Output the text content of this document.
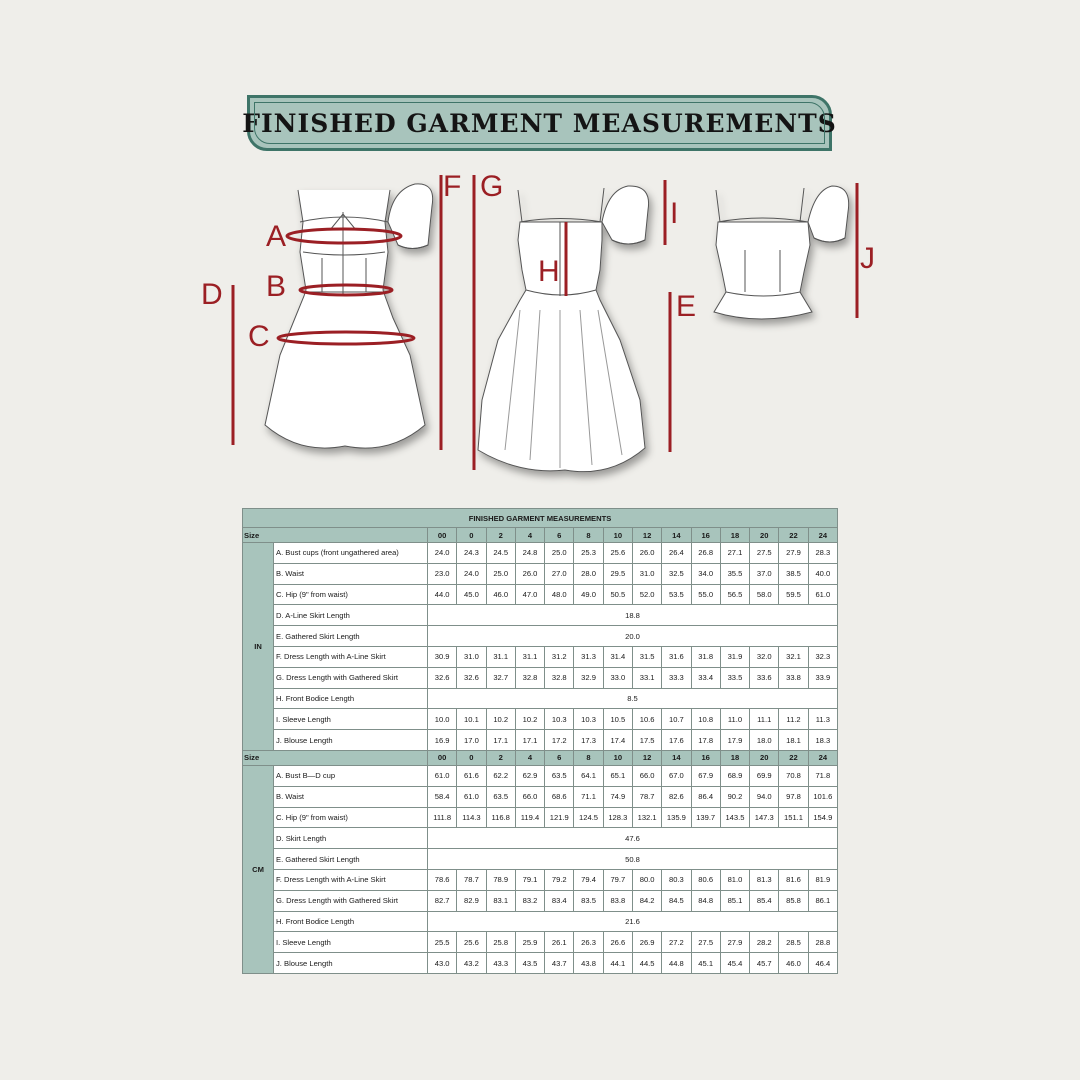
FINISHED GARMENT MEASUREMENTS
A
B
C
D	E
F G
H
I
J
FINISHED GARMENT MEASUREMENTS															
Size		00	0	2	4	6	8	10	12	14	16	18	20	22	24
IN	A. Bust cups (front ungathered area)	24.0	24.3	24.5	24.8	25.0	25.3	25.6	26.0	26.4	26.8	27.1	27.5	27.9	28.3
	B. Waist	23.0	24.0	25.0	26.0	27.0	28.0	29.5	31.0	32.5	34.0	35.5	37.0	38.5	40.0
	C. Hip (9" from waist)	44.0	45.0	46.0	47.0	48.0	49.0	50.5	52.0	53.5	55.0	56.5	58.0	59.5	61.0
	D. A-Line Skirt Length	18.8													
	E. Gathered Skirt Length	20.0													
	F. Dress Length with A-Line Skirt	30.9	31.0	31.1	31.1	31.2	31.3	31.4	31.5	31.6	31.8	31.9	32.0	32.1	32.3
	G. Dress Length with Gathered Skirt	32.6	32.6	32.7	32.8	32.8	32.9	33.0	33.1	33.3	33.4	33.5	33.6	33.8	33.9
	H. Front Bodice Length	8.5													
	I. Sleeve Length	10.0	10.1	10.2	10.2	10.3	10.3	10.5	10.6	10.7	10.8	11.0	11.1	11.2	11.3
	J. Blouse Length	16.9	17.0	17.1	17.1	17.2	17.3	17.4	17.5	17.6	17.8	17.9	18.0	18.1	18.3
Size		00	0	2	4	6	8	10	12	14	16	18	20	22	24
CM	A. Bust B—D cup	61.0	61.6	62.2	62.9	63.5	64.1	65.1	66.0	67.0	67.9	68.9	69.9	70.8	71.8
	B. Waist	58.4	61.0	63.5	66.0	68.6	71.1	74.9	78.7	82.6	86.4	90.2	94.0	97.8	101.6
	C. Hip (9" from waist)	111.8	114.3	116.8	119.4	121.9	124.5	128.3	132.1	135.9	139.7	143.5	147.3	151.1	154.9
	D. Skirt Length	47.6													
	E. Gathered Skirt Length	50.8													
	F. Dress Length with A-Line Skirt	78.6	78.7	78.9	79.1	79.2	79.4	79.7	80.0	80.3	80.6	81.0	81.3	81.6	81.9
	G. Dress Length with Gathered Skirt	82.7	82.9	83.1	83.2	83.4	83.5	83.8	84.2	84.5	84.8	85.1	85.4	85.8	86.1
	H. Front Bodice Length	21.6													
	I. Sleeve Length	25.5	25.6	25.8	25.9	26.1	26.3	26.6	26.9	27.2	27.5	27.9	28.2	28.5	28.8
	J. Blouse Length	43.0	43.2	43.3	43.5	43.7	43.8	44.1	44.5	44.8	45.1	45.4	45.7	46.0	46.4
